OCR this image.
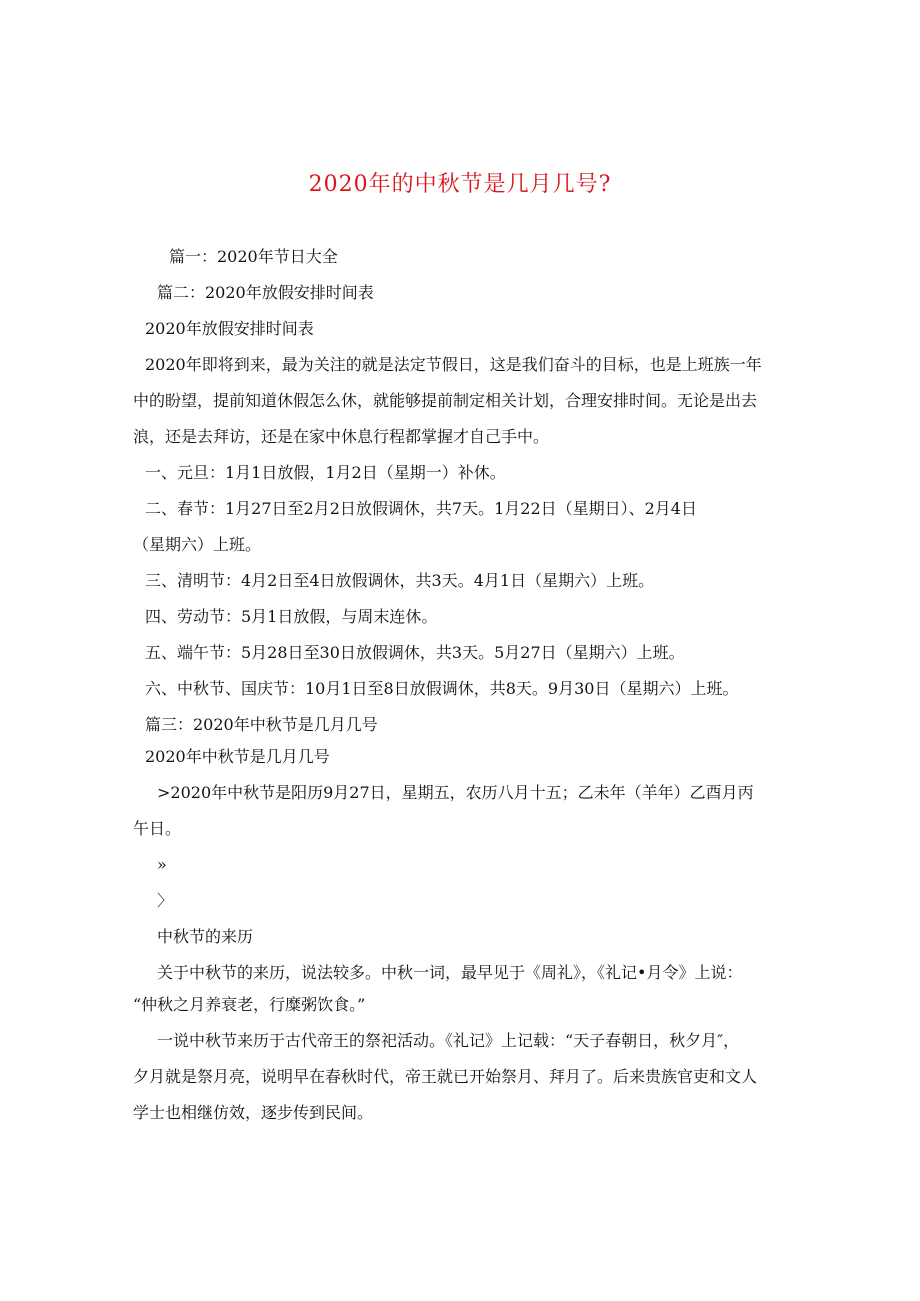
2020年的中秋节是几月几号?
篇一：2020年节日大全
篇二：2020年放假安排时间表
2020年放假安排时间表
2020年即将到来，最为关注的就是法定节假日，这是我们奋斗的目标，也是上班族一年
中的盼望，提前知道休假怎么休，就能够提前制定相关计划，合理安排时间。无论是出去
浪，还是去拜访，还是在家中休息行程都掌握才自己手中。
一、元旦：1月1日放假，1月2日（星期一）补休。
二、春节：1月27日至2月2日放假调休，共7天。1月22日（星期日）、2月4日
（星期六）上班。
三、清明节：4月2日至4日放假调休，共3天。4月1日（星期六）上班。
四、劳动节：5月1日放假，与周末连休。
五、端午节：5月28日至30日放假调休，共3天。5月27日（星期六）上班。
六、中秋节、国庆节：10月1日至8日放假调休，共8天。9月30日（星期六）上班。
篇三：2020年中秋节是几月几号
2020年中秋节是几月几号
>2020年中秋节是阳历9月27日，星期五，农历八月十五；乙未年（羊年）乙酉月丙
午日。
»
〉
中秋节的来历
关于中秋节的来历，说法较多。中秋一词，最早见于《周礼》，《礼记•月令》上说：
“仲秋之月养衰老，行糜粥饮食。”
一说中秋节来历于古代帝王的祭祀活动。《礼记》上记载：“天子春朝日，秋夕月″，
夕月就是祭月亮，说明早在春秋时代，帝王就已开始祭月、拜月了。后来贵族官吏和文人
学士也相继仿效，逐步传到民间。
